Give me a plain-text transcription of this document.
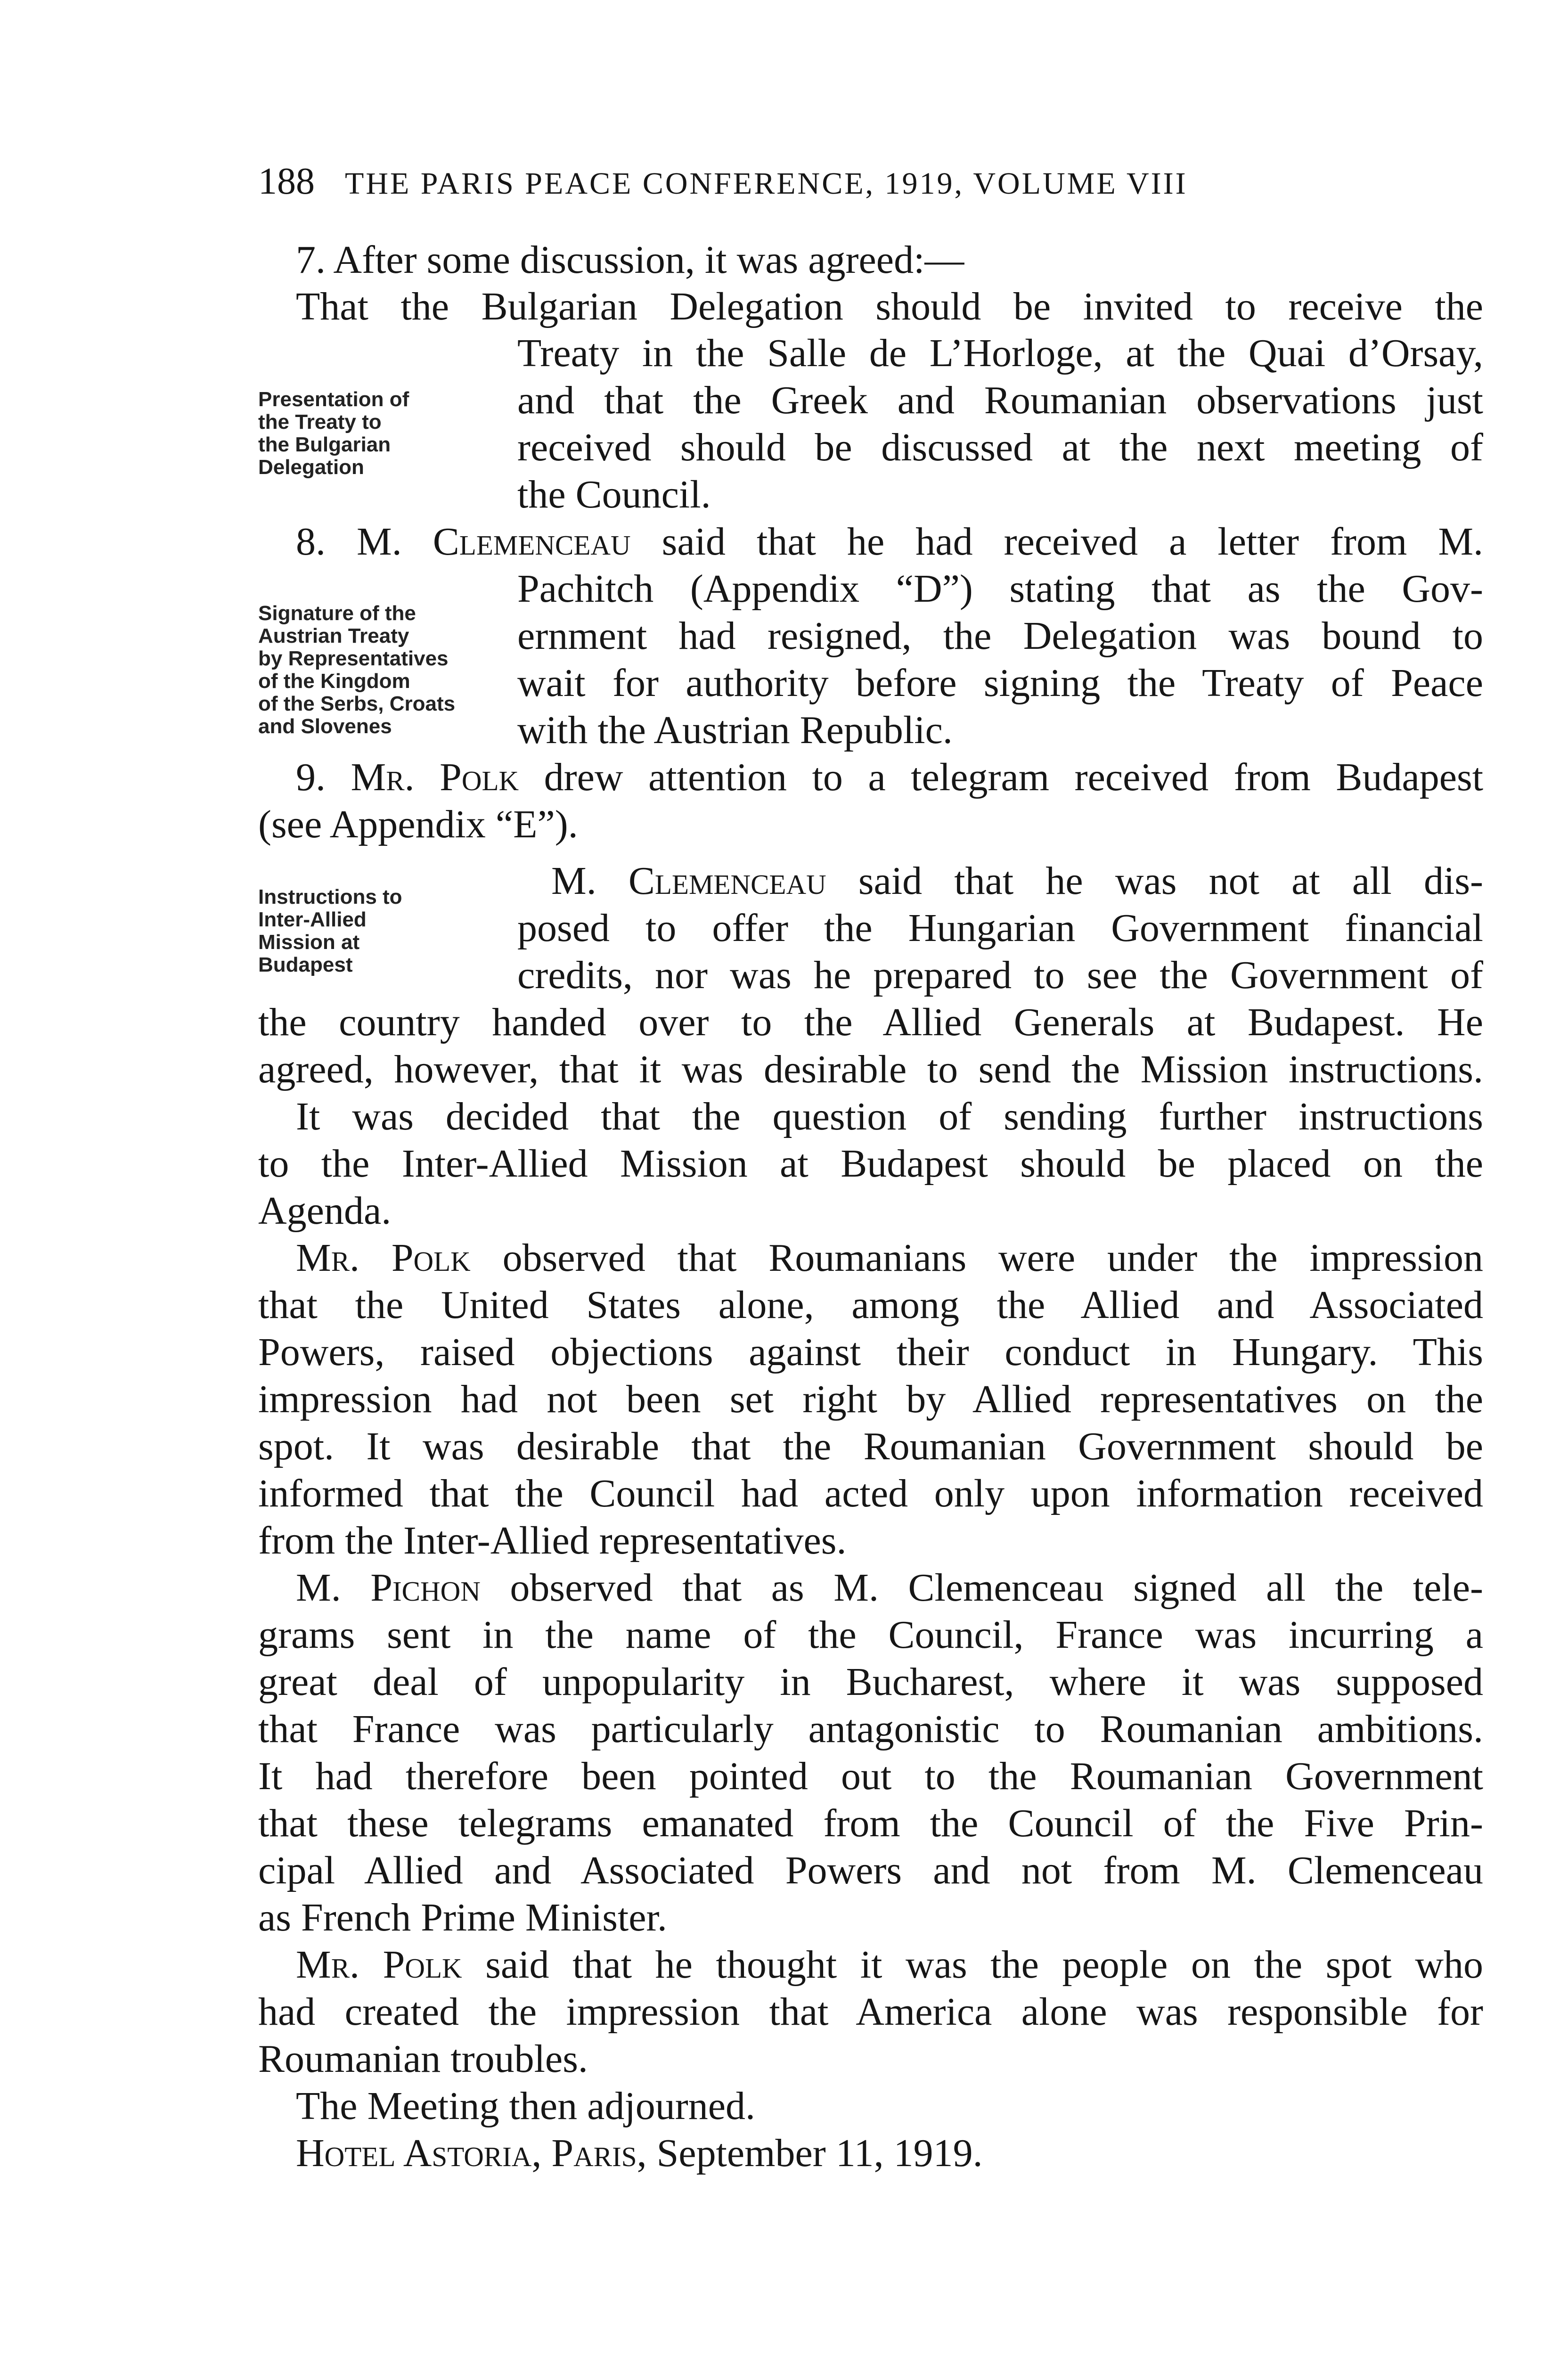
188 THE PARIS PEACE CONFERENCE, 1919, VOLUME VIII
Presentation of
the Treaty to
the Bulgarian
Delegation
Signature of the
Austrian Treaty
by Representatives
of the Kingdom
of the Serbs, Croats
and Slovenes
Instructions to
Inter-Allied
Mission at
Budapest
7. After some discussion, it was agreed:—
That the Bulgarian Delegation should be invited to receive the
Treaty in the Salle de L’Horloge, at the Quai d’Orsay,
and that the Greek and Roumanian observations just
received should be discussed at the next meeting of
the Council.
8. M. Clemenceau said that he had received a letter from M.
Pachitch (Appendix “D”) stating that as the Gov-
ernment had resigned, the Delegation was bound to
wait for authority before signing the Treaty of Peace
with the Austrian Republic.
9. Mr. Polk drew attention to a telegram received from Budapest
(see Appendix “E”).
M. Clemenceau said that he was not at all dis-
posed to offer the Hungarian Government financial
credits, nor was he prepared to see the Government of
the country handed over to the Allied Generals at Budapest. He
agreed, however, that it was desirable to send the Mission instructions.
It was decided that the question of sending further instructions
to the Inter-Allied Mission at Budapest should be placed on the
Agenda.
Mr. Polk observed that Roumanians were under the impression
that the United States alone, among the Allied and Associated
Powers, raised objections against their conduct in Hungary. This
impression had not been set right by Allied representatives on the
spot. It was desirable that the Roumanian Government should be
informed that the Council had acted only upon information received
from the Inter-Allied representatives.
M. Pichon observed that as M. Clemenceau signed all the tele-
grams sent in the name of the Council, France was incurring a
great deal of unpopularity in Bucharest, where it was supposed
that France was particularly antagonistic to Roumanian ambitions.
It had therefore been pointed out to the Roumanian Government
that these telegrams emanated from the Council of the Five Prin-
cipal Allied and Associated Powers and not from M. Clemenceau
as French Prime Minister.
Mr. Polk said that he thought it was the people on the spot who
had created the impression that America alone was responsible for
Roumanian troubles.
The Meeting then adjourned.
Hotel Astoria, Paris, September 11, 1919.
